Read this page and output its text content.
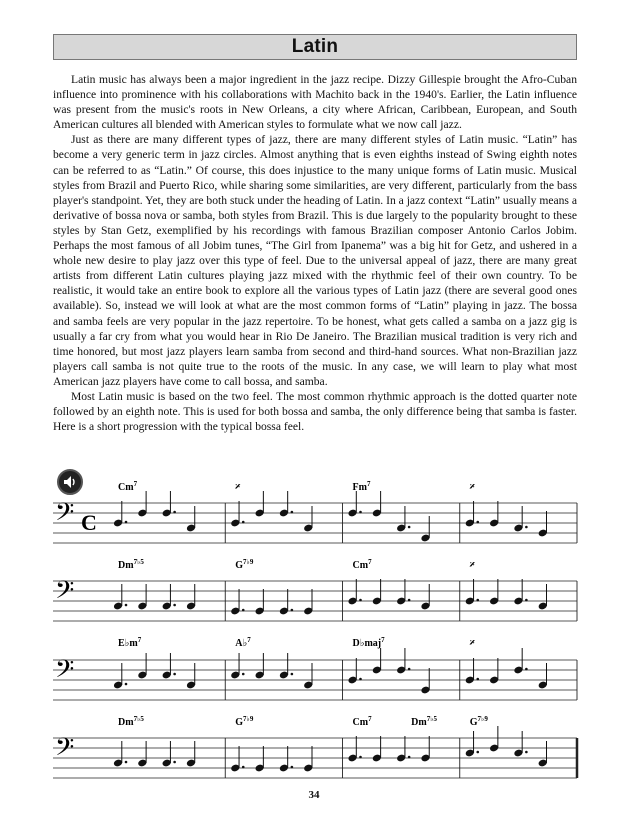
Latin

Latin music has always been a major ingredient in the jazz recipe. Dizzy Gillespie brought the Afro-Cuban influence into prominence with his collaborations with Machito back in the 1940's. Earlier, the Latin influence was present from the music's roots in New Orleans, a city where African, Caribbean, European, and South American cultures all blended with American styles to formulate what we now call jazz.

Just as there are many different types of jazz, there are many different styles of Latin music. “Latin” has become a very generic term in jazz circles. Almost anything that is even eighths instead of Swing eighth notes can be referred to as “Latin.” Of course, this does injustice to the many unique forms of Latin music. Musical styles from Brazil and Puerto Rico, while sharing some similarities, are very different, particularly from the bass player's standpoint. Yet, they are both stuck under the heading of Latin. In a jazz context “Latin” usually means a derivative of bossa nova or samba, both styles from Brazil. This is due largely to the popularity brought to these styles by Stan Getz, exemplified by his recordings with famous Brazilian composer Antonio Carlos Jobim. Perhaps the most famous of all Jobim tunes, “The Girl from Ipanema” was a big hit for Getz, and ushered in a whole new desire to play jazz over this type of feel. Due to the universal appeal of jazz, there are many great artists from different Latin cultures playing jazz mixed with the rhythmic feel of their own country. To be realistic, it would take an entire book to explore all the various types of Latin jazz (there are several good ones available). So, instead we will look at what are the most common forms of “Latin” playing in jazz. The bossa and samba feels are very popular in the jazz repertoire. To be honest, what gets called a samba on a jazz gig is usually a far cry from what you would hear in Rio De Janeiro. The Brazilian musical tradition is very rich and time honored, but most jazz players learn samba from second and third-hand sources. What non-Brazilian jazz players call samba is not quite true to the roots of the music. In any case, we will learn to play what most American jazz players have come to call bossa, and samba.

Most Latin music is based on the two feel. The most common rhythmic approach is the dotted quarter note followed by an eighth note. This is used for both bossa and samba, the only difference being that samba is faster. Here is a short progression with the typical bossa feel.

𝄢 C
Cm$^7$	𝄎	Fm$^7$	𝄎
𝄢
$Dm^{7♭5}$	$G^{7♭9}$	Cm$^7$	𝄎
𝄢
$E♭m^7$	A♭$^7$	D♭maj$^7$	𝄎
𝄢
$Dm^{7♭5}$	$G^{7♭9}$	Cm$^7$	$Dm^{7♭5}$	$G^{7♭9}$
34
